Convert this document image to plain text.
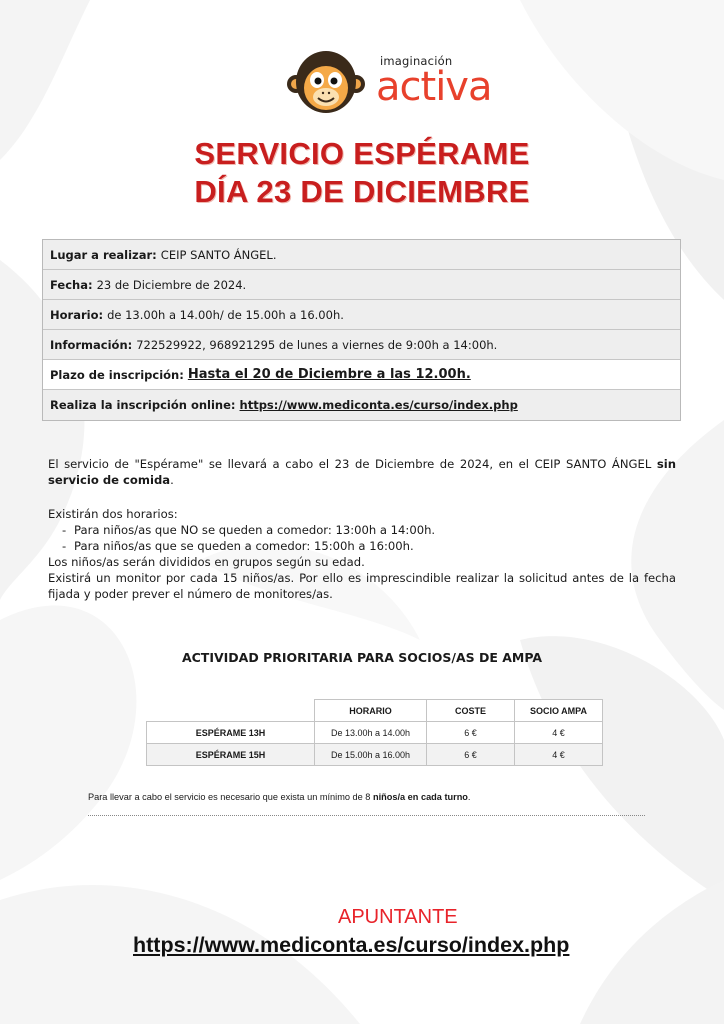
imaginación
activa
SERVICIO ESPÉRAME
DÍA 23 DE DICIEMBRE
Lugar a realizar: CEIP SANTO ÁNGEL.
Fecha: 23 de Diciembre de 2024.
Horario: de 13.00h a 14.00h/ de 15.00h a 16.00h.
Información: 722529922, 968921295 de lunes a viernes de 9:00h a 14:00h.
Plazo de inscripción: Hasta el 20 de Diciembre a las 12.00h.
Realiza la inscripción online: https://www.mediconta.es/curso/index.php
El servicio de "Espérame" se llevará a cabo el 23 de Diciembre de 2024, en el CEIP SANTO ÁNGEL sin servicio de comida.
Existirán dos horarios:
- Para niños/as que NO se queden a comedor: 13:00h a 14:00h.
- Para niños/as que se queden a comedor: 15:00h a 16:00h.
Los niños/as serán divididos en grupos según su edad.
Existirá un monitor por cada 15 niños/as. Por ello es imprescindible realizar la solicitud antes de la fecha fijada y poder prever el número de monitores/as.
ACTIVIDAD PRIORITARIA PARA SOCIOS/AS DE AMPA
	HORARIO	COSTE	SOCIO AMPA
ESPÉRAME 13H	De 13.00h a 14.00h	6 €	4 €
ESPÉRAME 15H	De 15.00h a 16.00h	6 €	4 €
Para llevar a cabo el servicio es necesario que exista un mínimo de 8 niños/a en cada turno.
APUNTANTE
https://www.mediconta.es/curso/index.php
